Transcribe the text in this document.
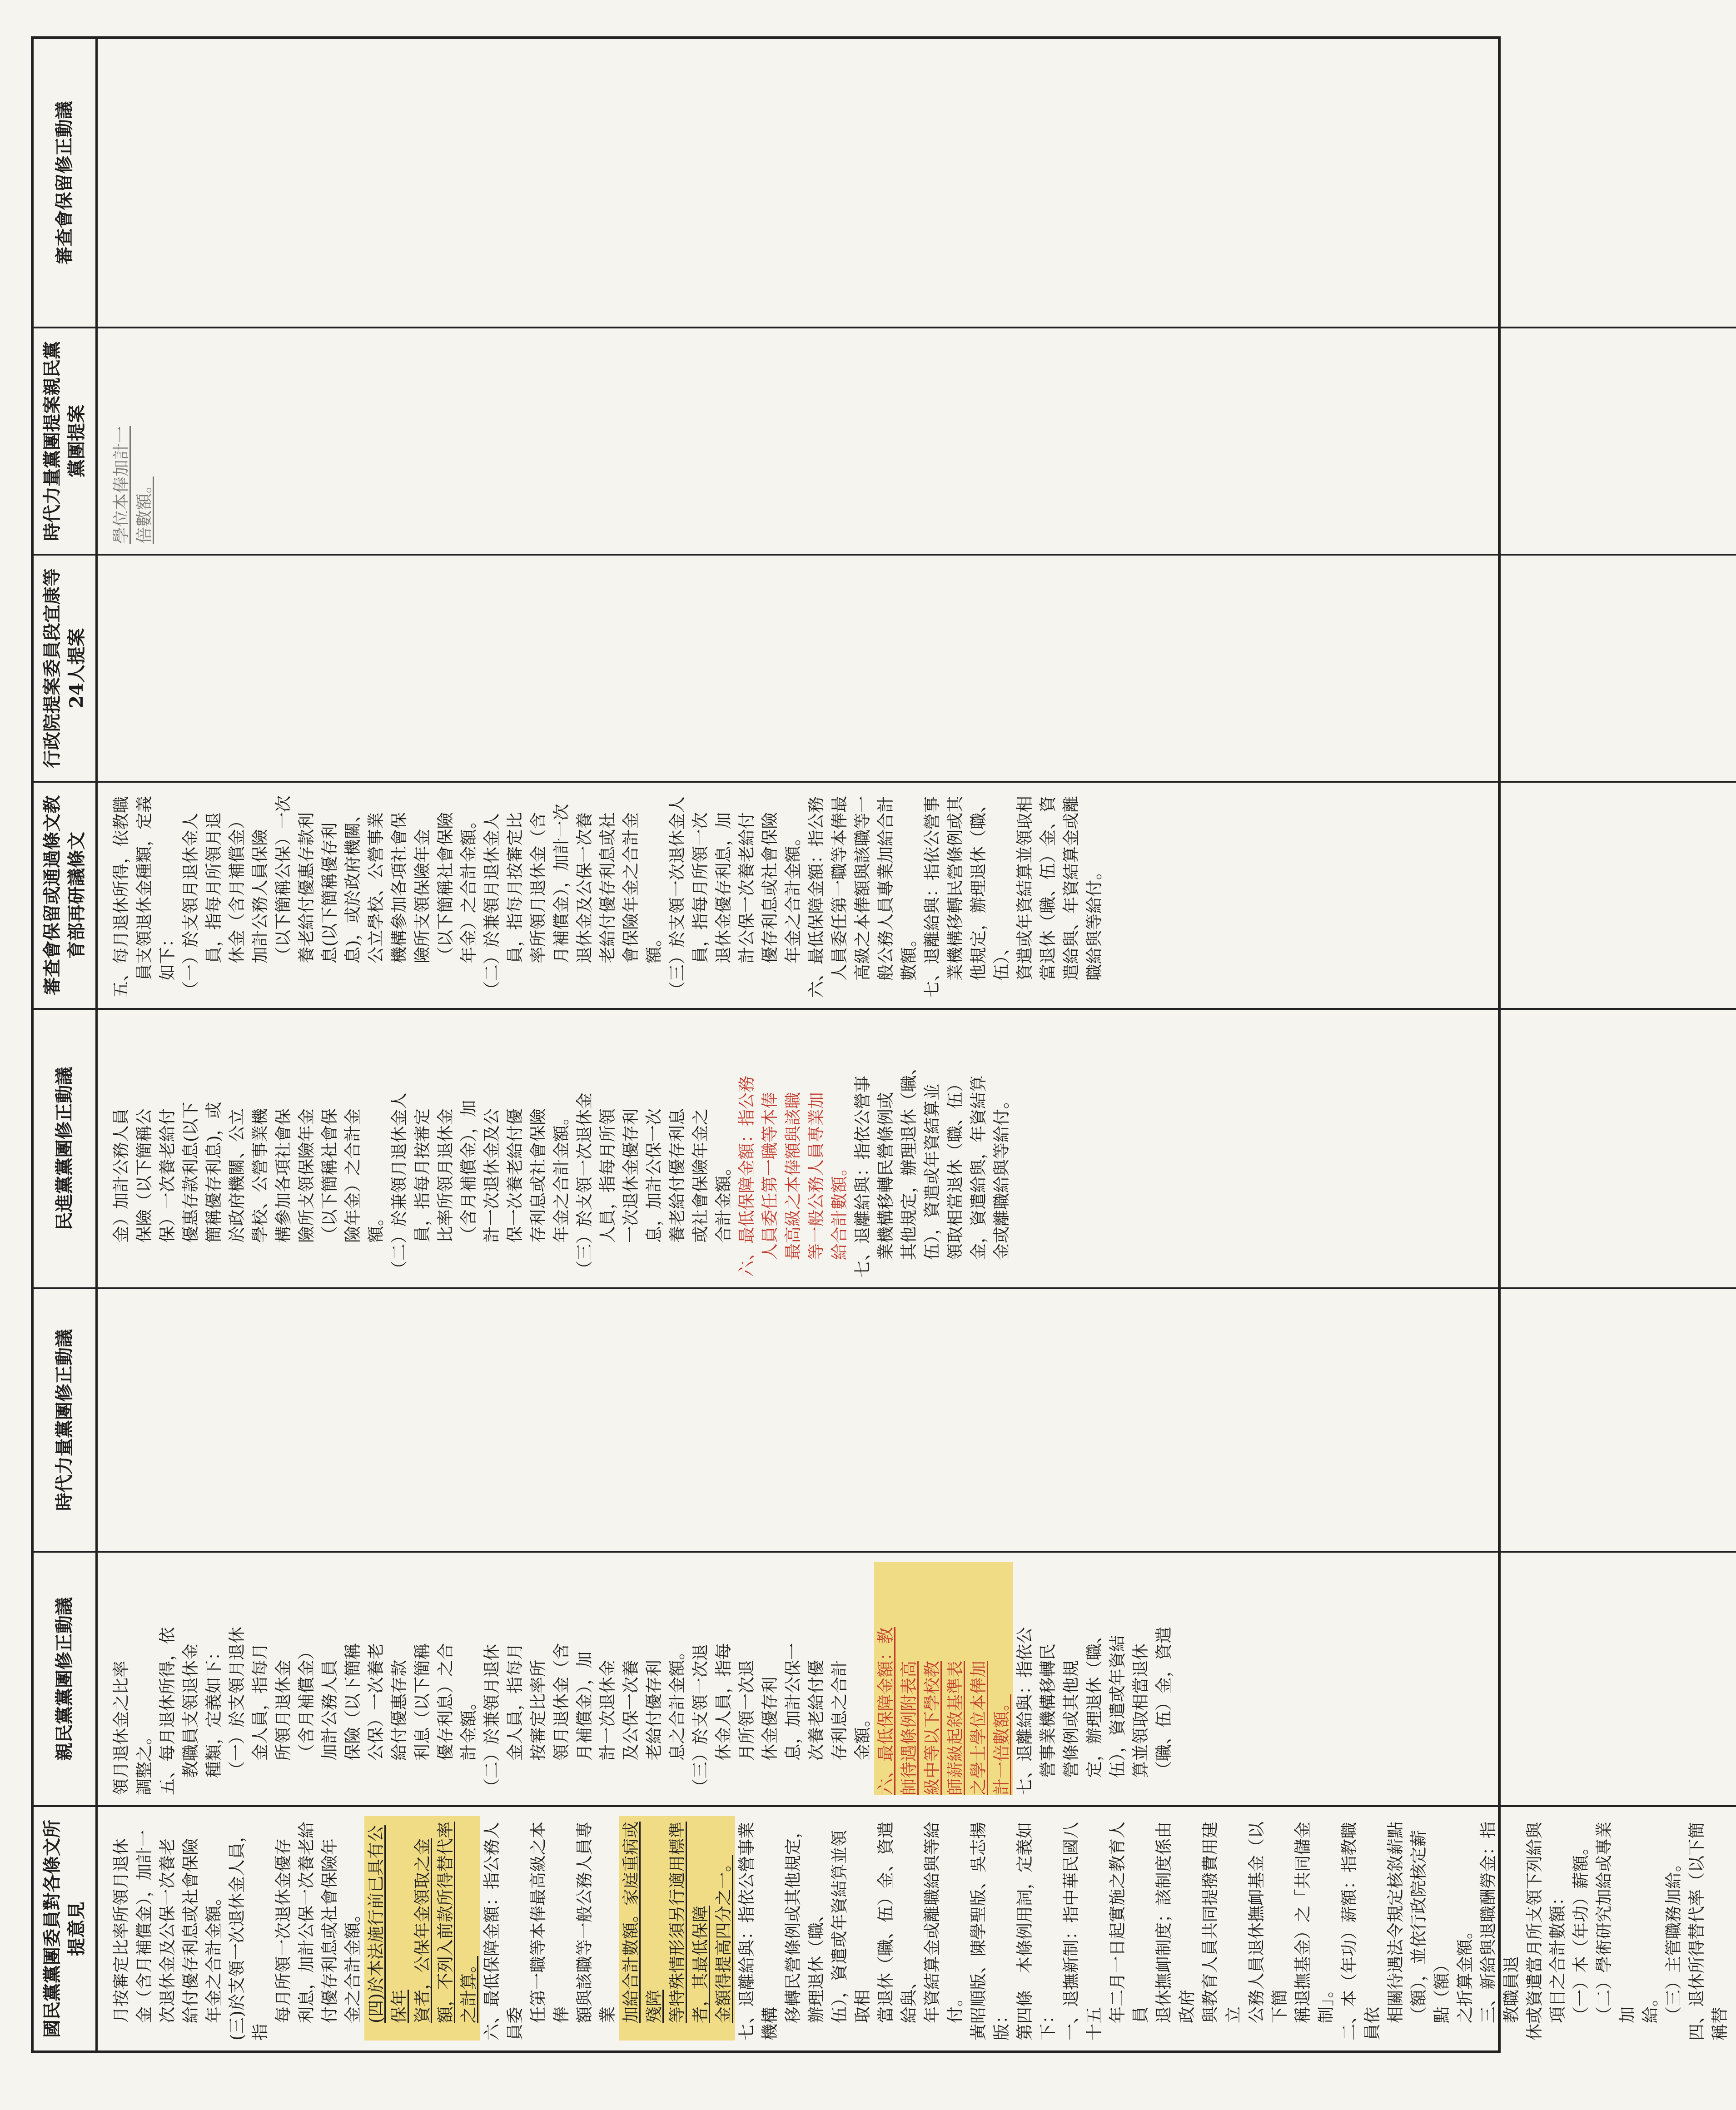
國民黨黨團委員對各條文所提意見
親民黨黨團修正動議
時代力量黨團修正動議
民進黨黨團修正動議
審查會保留或通過條文教育部再研議條文
行政院提案委員段宜康等24人提案
時代力量黨團提案親民黨黨團提案
審查會保留修正動議
月按審定比率所領月退休 金（含月補償金），加計一 次退休金及公保一次養老 給付優存利息或社會保險 年金之合計金額。 (三)於支領一次退休金人員，指
每月所領一次退休金優存 利息，加計公保一次養老給 付優存利息或社會保險年 金之合計金額。 (四)於本法施行前已具有公保年 資者，公保年金領取之金 額，不列入前款所得替代率 之計算。 六、最低保障金額：指公務人員委
任第一職等本俸最高級之本俸 額與該職等一般公務人員專業 加給合計數額。家庭重病或殘障 等特殊情形須另行適用標準者，其最低保障 金額得提高四分之一。 七、退離給與：指依公營事業機構
移轉民營條例或其他規定，辦理退休（職、 伍），資遣或年資結算並領取相 當退休（職、伍）金、資遣給與、 年資結算金或離職給與等給付。 黃昭順版、陳學聖版、吳志揚版： 第四條　本條例用詞，定義如下： 一、退撫新制：指中華民國八十五
年二月一日起實施之教育人員 退休撫卹制度；該制度係由政府 與教育人員共同提撥費用建立 公務人員退休撫卹基金（以下簡 稱退撫基金）之「共同儲金制」。 二、本（年功）薪額：指教職員依
相關待遇法令規定核敘薪點 （額），並依行政院核定薪點（額） 之折算金額。 三、新給與退職酬勞金：指教職員退 休或資遣當月所支領下列給與 項目之合計數額： （一）本（年功）薪額。 （二）學術研究加給或專業加 給。 （三）主管職務加給。 四、退休所得替代率（以下簡稱替
領月退休金之比率 調整之。 五、每月退休所得，依 教職員支領退休金 種類，定義如下： （一）於支領月退休 金人員，指每月 所領月退休金 （含月補償金） 加計公務人員 保險（以下簡稱 公保）一次養老 給付優惠存款 利息（以下簡稱 優存利息）之合 計金額。 （二）於兼領月退休 金人員，指每月 按審定比率所 領月退休金（含 月補償金），加 計一次退休金 及公保一次養 老給付優存利 息之合計金額。 （三）於支領一次退 休金人員，指每 月所領一次退 休金優存利 息，加計公保一 次養老給付優 存利息之合計 金額。 六、最低保障金額：教 師待遇條例附表高 級中等以下學校教 師薪級起敘基準表 之學士學位本俸加 計一倍數額。 七、退離給與：指依公 營事業機構移轉民 營條例或其他規 定，辦理退休（職、 伍），資遣或年資結 算並領取相當退休 （職、伍）金，資遣
金）加計公務人員 保險（以下簡稱公 保）一次養老給付 優惠存款利息(以下 簡稱優存利息)，或 於政府機關、公立 學校、公營事業機 構參加各項社會保 險所支領保險年金 （以下簡稱社會保 險年金）之合計金 額。 （二）於兼領月退休金人 員，指每月按審定 比率所領月退休金 （含月補償金），加 計一次退休金及公 保一次養老給付優 存利息或社會保險 年金之合計金額。 （三）於支領一次退休金 人員，指每月所領 一次退休金優存利 息，加計公保一次 養老給付優存利息 或社會保險年金之 合計金額。 六、最低保障金額：指公務 人員委任第一職等本俸 最高級之本俸額與該職 等一般公務人員專業加 給合計數額。 七、退離給與：指依公營事 業機構移轉民營條例或 其他規定，辦理退休（職、 伍），資遣或年資結算並 領取相當退休（職、伍） 金，資遣給與，年資結算 金或離職給與等給付。
五、每月退休所得，依教職 員支領退休金種類，定義 如下： （一）於支領月退休金人 員，指每月所領月退 休金（含月補償金） 加計公務人員保險 （以下簡稱公保）一次 養老給付優惠存款利 息(以下簡稱優存利 息)，或於政府機關、 公立學校、公營事業 機構參加各項社會保 險所支領保險年金 （以下簡稱社會保險 年金）之合計金額。 （二）於兼領月退休金人 員，指每月按審定比 率所領月退休金（含 月補償金），加計一次 退休金及公保一次養 老給付優存利息或社 會保險年金之合計金 額。 （三）於支領一次退休金人 員，指每月所領一次 退休金優存利息，加 計公保一次養老給付 優存利息或社會保險 年金之合計金額。 六、最低保障金額：指公務 人員委任第一職等本俸最 高級之本俸額與該職等一 般公務人員專業加給合計 數額。 七、退離給與：指依公營事 業機構移轉民營條例或其 他規定，辦理退休（職、伍）、 資遣或年資結算並領取相 當退休（職、伍）金、資 遣給與、年資結算金或離 職給與等給付。
學位本俸加計一 倍數額。
